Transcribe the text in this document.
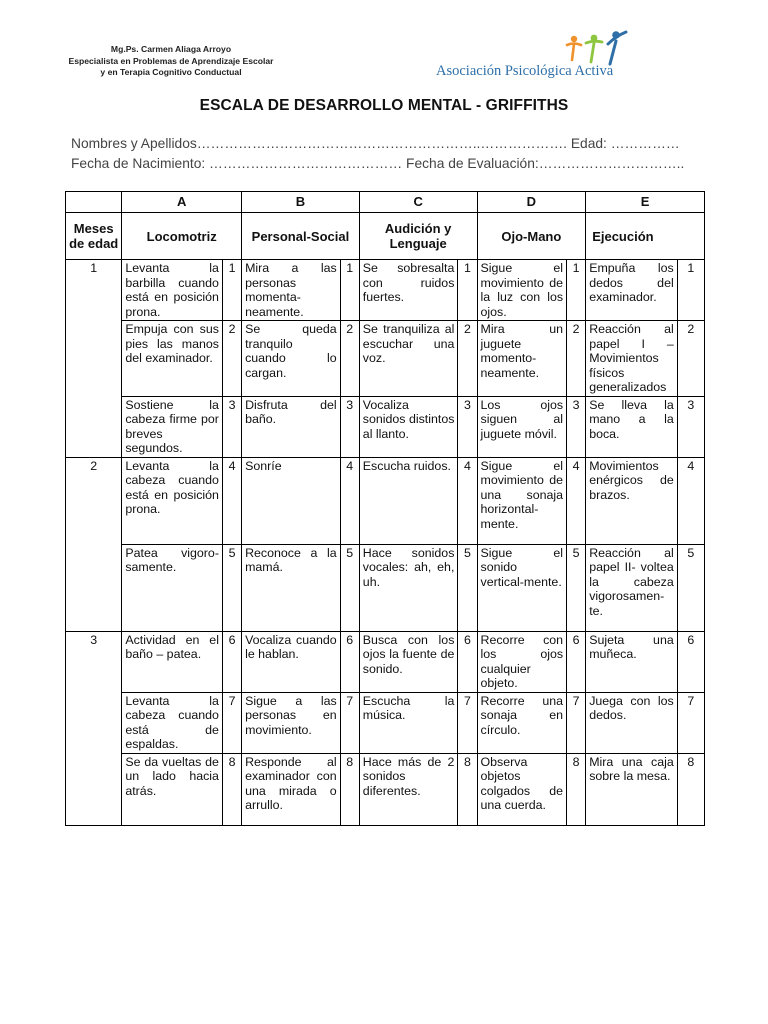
Mg.Ps. Carmen Aliaga Arroyo
Especialista en Problemas de Aprendizaje Escolar
y en Terapia Cognitivo Conductual	Asociación Psicológica Activa
ESCALA DE DESARROLLO MENTAL - GRIFFITHS
Nombres y Apellidos……………………………………………………..………………. Edad: ……………
Fecha de Nacimiento: …………………………………… Fecha de Evaluación:…………………………..
	A		B		C		D		E	
Meses de edad	Locomotriz		Personal-Social		Audición y Lenguaje		Ojo-Mano		Ejecución	
1	Levanta la barbilla cuando está en posición prona.	1	Mira a las personas momenta-neamente.	1	Se sobresalta con ruidos fuertes.	1	Sigue el movimiento de la luz con los ojos.	1	Empuña los dedos del examinador.	1
	Empuja con sus pies las manos del examinador.	2	Se queda tranquilo cuando lo cargan.	2	Se tranquiliza al escuchar una voz.	2	Mira un juguete momento-neamente.	2	Reacción al papel I – Movimientos físicos generalizados	2
	Sostiene la cabeza firme por breves segundos.	3	Disfruta del baño.	3	Vocaliza sonidos distintos al llanto.	3	Los ojos siguen al juguete móvil.	3	Se lleva la mano a la boca.	3
2	Levanta la cabeza cuando está en posición prona.	4	Sonríe	4	Escucha ruidos.	4	Sigue el movimiento de una sonaja horizontal-mente.	4	Movimientos enérgicos de brazos.	4
	Patea vigoro-samente.	5	Reconoce a la mamá.	5	Hace sonidos vocales: ah, eh, uh.	5	Sigue el sonido vertical-mente.	5	Reacción al papel II- voltea la cabeza vigorosamen-te.	5
3	Actividad en el baño – patea.	6	Vocaliza cuando le hablan.	6	Busca con los ojos la fuente de sonido.	6	Recorre con los ojos cualquier objeto.	6	Sujeta una muñeca.	6
	Levanta la cabeza cuando está de espaldas.	7	Sigue a las personas en movimiento.	7	Escucha la música.	7	Recorre una sonaja en círculo.	7	Juega con los dedos.	7
	Se da vueltas de un lado hacia atrás.	8	Responde al examinador con una mirada o arrullo.	8	Hace más de 2 sonidos diferentes.	8	Observa objetos colgados de una cuerda.	8	Mira una caja sobre la mesa.	8
